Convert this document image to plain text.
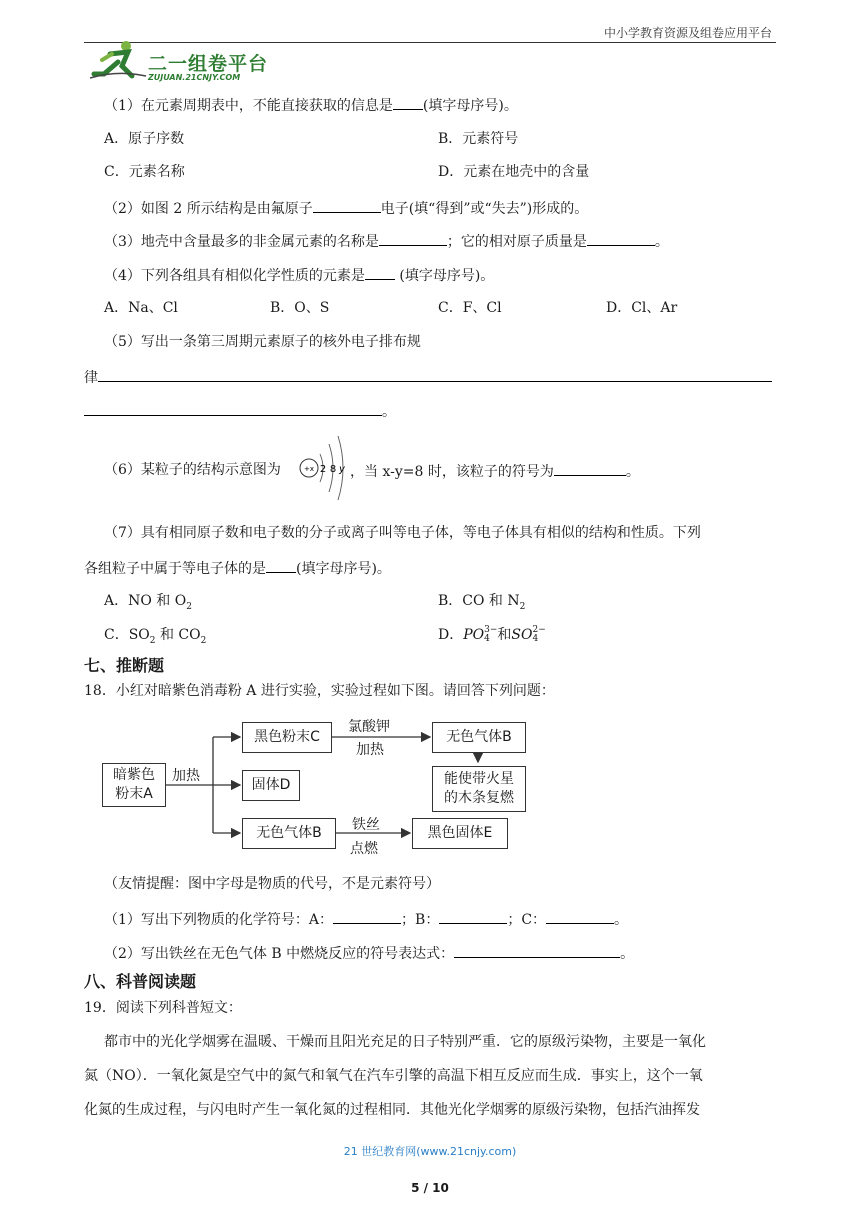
中小学教育资源及组卷应用平台
二一组卷平台
ZUJUAN.21CNJY.COM
（1）在元素周期表中，不能直接获取的信息是 (填字母序号)。
A．原子序数	B．元素符号
C．元素名称	D．元素在地壳中的含量
（2）如图 2 所示结构是由氟原子	电子(填“得到”或“失去”)形成的。
（3）地壳中含量最多的非金属元素的名称是	；它的相对原子质量是	。
（4）下列各组具有相似化学性质的元素是 (填字母序号)。
A．Na、Cl	B．O、S	C．F、Cl	D．Cl、Ar
（5）写出一条第三周期元素原子的核外电子排布规
律
。
（6）某粒子的结构示意图为	+x 2 8 y ，当 x-y=8 时，该粒子的符号为	。
（7）具有相同原子数和电子数的分子或离子叫等电子体，等电子体具有相似的结构和性质。下列
各组粒子中属于等电子体的是 (填字母序号)。
A．NO 和 $O_2$	B．CO 和 $N_2$
C．$SO_2$ 和 $CO_2$	D．PO 3−
4 和SO 2−
4
七、推断题
18．小红对暗紫色消毒粉 A 进行实验，实验过程如下图。请回答下列问题：
暗紫色
粉末A
加热
黑色粉末C
固体D
无色气体B
氯酸钾
加热
无色气体B
能使带火星
的木条复燃
铁丝
点燃
黑色固体E
（友情提醒：图中字母是物质的代号，不是元素符号）
（1）写出下列物质的化学符号：A：	；B：	；C：	。
（2）写出铁丝在无色气体 B 中燃烧反应的符号表达式：	。
八、科普阅读题
19．阅读下列科普短文：
都市中的光化学烟雾在温暖、干燥而且阳光充足的日子特别严重．它的原级污染物，主要是一氧化
氮（NO）．一氧化氮是空气中的氮气和氧气在汽车引擎的高温下相互反应而生成．事实上，这个一氧
化氮的生成过程，与闪电时产生一氧化氮的过程相同．其他光化学烟雾的原级污染物，包括汽油挥发
21 世纪教育网(www.21cnjy.com)
5 / 10
